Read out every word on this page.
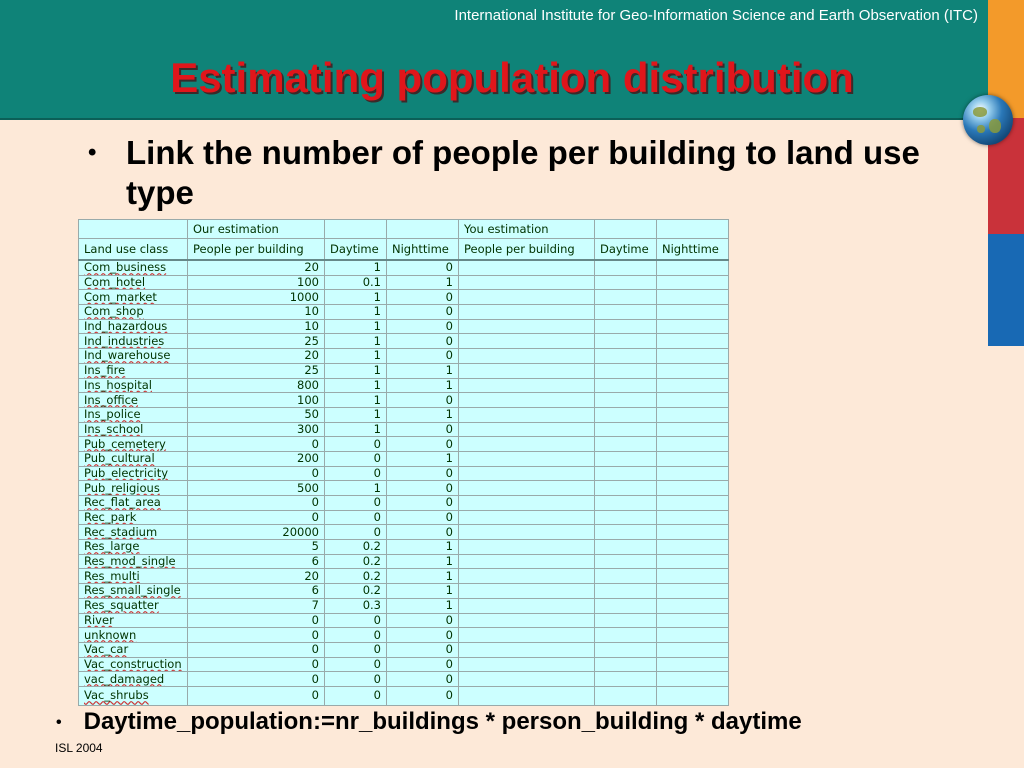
International Institute for Geo-Information Science and Earth Observation (ITC)
Estimating population distribution
• Link the number of people per building to land use type
	Our estimation			You estimation		
Land use class	People per building	Daytime	Nighttime	People per building	Daytime	Nighttime
Com_business	20	1	0			
Com_hotel	100	0.1	1			
Com_market	1000	1	0			
Com_shop	10	1	0			
Ind_hazardous	10	1	0			
Ind_industries	25	1	0			
Ind_warehouse	20	1	0			
Ins_fire	25	1	1			
Ins_hospital	800	1	1			
Ins_office	100	1	0			
Ins_police	50	1	1			
Ins_school	300	1	0			
Pub_cemetery	0	0	0			
Pub_cultural	200	0	1			
Pub_electricity	0	0	0			
Pub_religious	500	1	0			
Rec_flat_area	0	0	0			
Rec_park	0	0	0			
Rec_stadium	20000	0	0			
Res_large	5	0.2	1			
Res_mod_single	6	0.2	1			
Res_multi	20	0.2	1			
Res_small_single	6	0.2	1			
Res_squatter	7	0.3	1			
River	0	0	0			
unknown	0	0	0			
Vac_car	0	0	0			
Vac_construction	0	0	0			
vac_damaged	0	0	0			
Vac_shrubs	0	0	0			
• Daytime_population:=nr_buildings * person_building * daytime
ISL 2004
